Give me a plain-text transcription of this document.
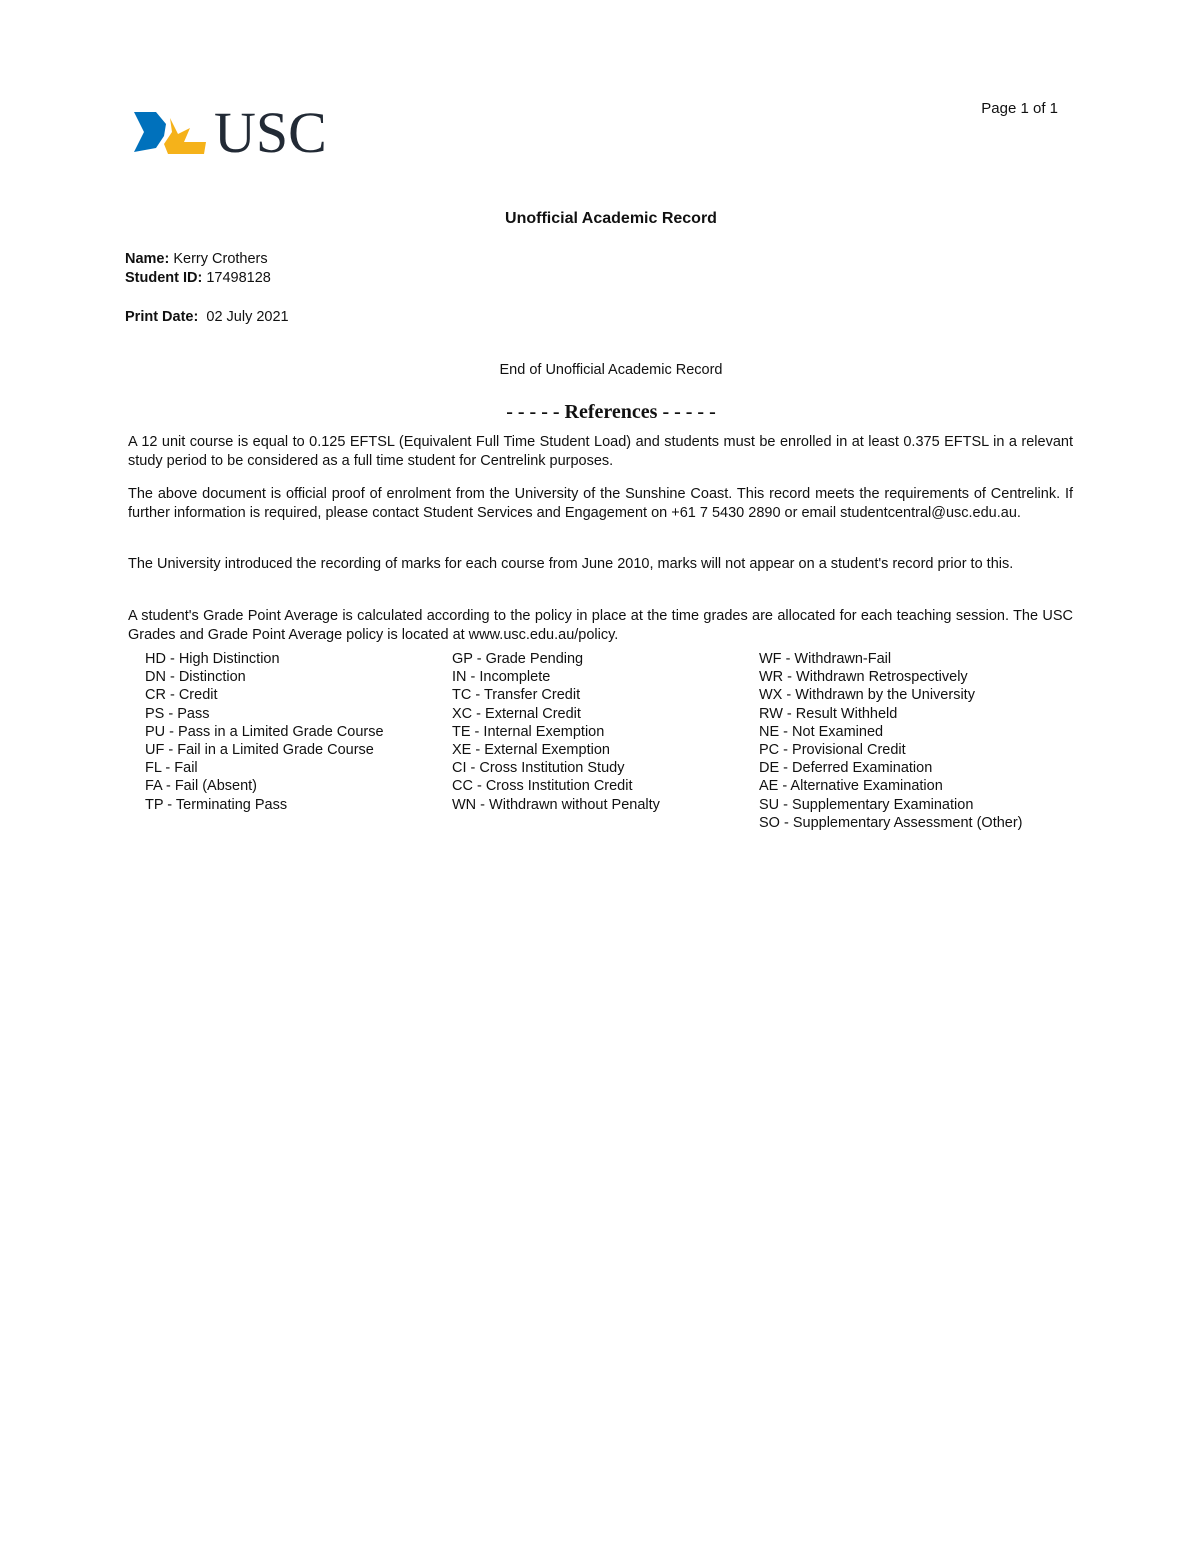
USC	Page 1 of 1
Unofficial Academic Record
Name: Kerry Crothers
Student ID: 17498128
Print Date: 02 July 2021
End of Unofficial Academic Record
- - - - - References - - - - -

A 12 unit course is equal to 0.125 EFTSL (Equivalent Full Time Student Load) and students must be enrolled in at least 0.375 EFTSL in a relevant study period to be considered as a full time student for Centrelink purposes.

The above document is official proof of enrolment from the University of the Sunshine Coast. This record meets the requirements of Centrelink. If further information is required, please contact Student Services and Engagement on +61 7 5430 2890 or email studentcentral@usc.edu.au.

The University introduced the recording of marks for each course from June 2010, marks will not appear on a student's record prior to this.

A student's Grade Point Average is calculated according to the policy in place at the time grades are allocated for each teaching session. The USC Grades and Grade Point Average policy is located at www.usc.edu.au/policy.

HD - High Distinction
DN - Distinction
CR - Credit
PS - Pass
PU - Pass in a Limited Grade Course
UF - Fail in a Limited Grade Course
FL - Fail
FA - Fail (Absent)
TP - Terminating Pass
GP - Grade Pending
IN - Incomplete
TC - Transfer Credit
XC - External Credit
TE - Internal Exemption
XE - External Exemption
CI - Cross Institution Study
CC - Cross Institution Credit
WN - Withdrawn without Penalty
WF - Withdrawn-Fail
WR - Withdrawn Retrospectively
WX - Withdrawn by the University
RW - Result Withheld
NE - Not Examined
PC - Provisional Credit
DE - Deferred Examination
AE - Alternative Examination
SU - Supplementary Examination
SO - Supplementary Assessment (Other)
